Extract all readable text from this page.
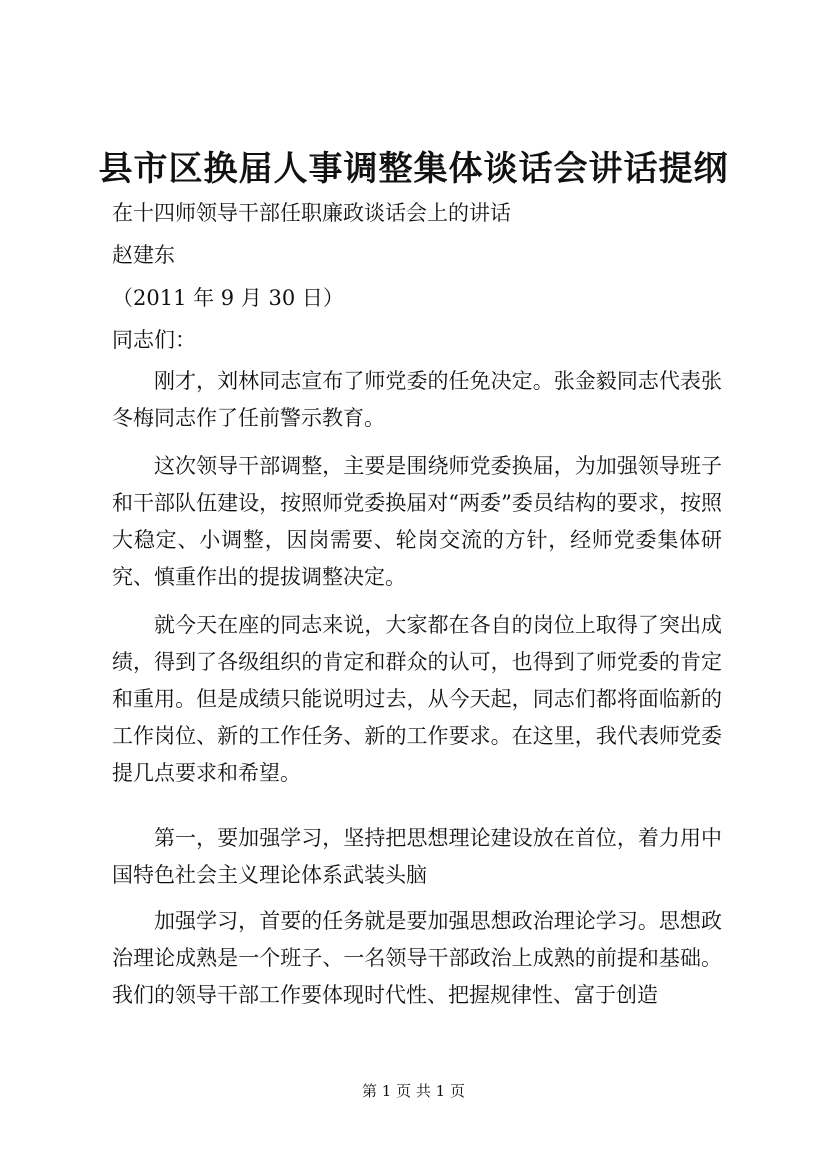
县市区换届人事调整集体谈话会讲话提纲
在十四师领导干部任职廉政谈话会上的讲话
赵建东
（2011 年 9 月 30 日）
同志们：
刚才，刘林同志宣布了师党委的任免决定。张金毅同志代表张冬梅同志作了任前警示教育。
这次领导干部调整，主要是围绕师党委换届，为加强领导班子和干部队伍建设，按照师党委换届对“两委”委员结构的要求，按照大稳定、小调整，因岗需要、轮岗交流的方针，经师党委集体研究、慎重作出的提拔调整决定。
就今天在座的同志来说，大家都在各自的岗位上取得了突出成绩，得到了各级组织的肯定和群众的认可，也得到了师党委的肯定和重用。但是成绩只能说明过去，从今天起，同志们都将面临新的工作岗位、新的工作任务、新的工作要求。在这里，我代表师党委提几点要求和希望。
第一，要加强学习，坚持把思想理论建设放在首位，着力用中国特色社会主义理论体系武装头脑
加强学习，首要的任务就是要加强思想政治理论学习。思想政治理论成熟是一个班子、一名领导干部政治上成熟的前提和基础。我们的领导干部工作要体现时代性、把握规律性、富于创造
第 1 页 共 1 页
